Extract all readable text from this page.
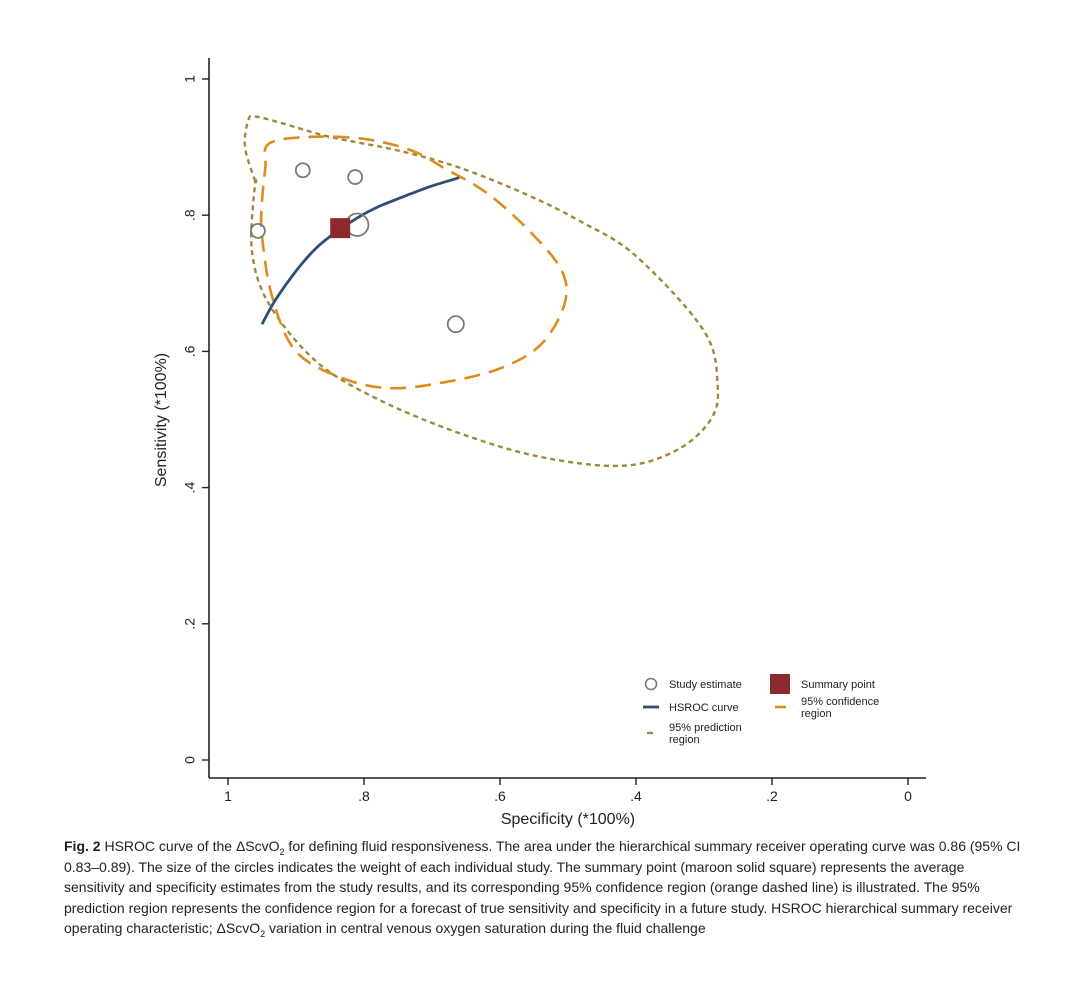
1	.8	.6	.4	.2	0
0
.2
.4
.6
.8
1
Specificity (*100%)
Sensitivity (*100%)
Study estimate	Summary point
HSROC curve	95% confidence
region
95% prediction
region
Fig. 2 HSROC curve of the ΔScvO$_2$ for defining fluid responsiveness. The area under the hierarchical summary receiver operating curve was 0.86 (95% CI 0.83–0.89). The size of the circles indicates the weight of each individual study. The summary point (maroon solid square) represents the average sensitivity and specificity estimates from the study results, and its corresponding 95% confidence region (orange dashed line) is illustrated. The 95% prediction region represents the confidence region for a forecast of true sensitivity and specificity in a future study. HSROC hierarchical summary receiver operating characteristic; ΔScvO$_2$ variation in central venous oxygen saturation during the fluid challenge
